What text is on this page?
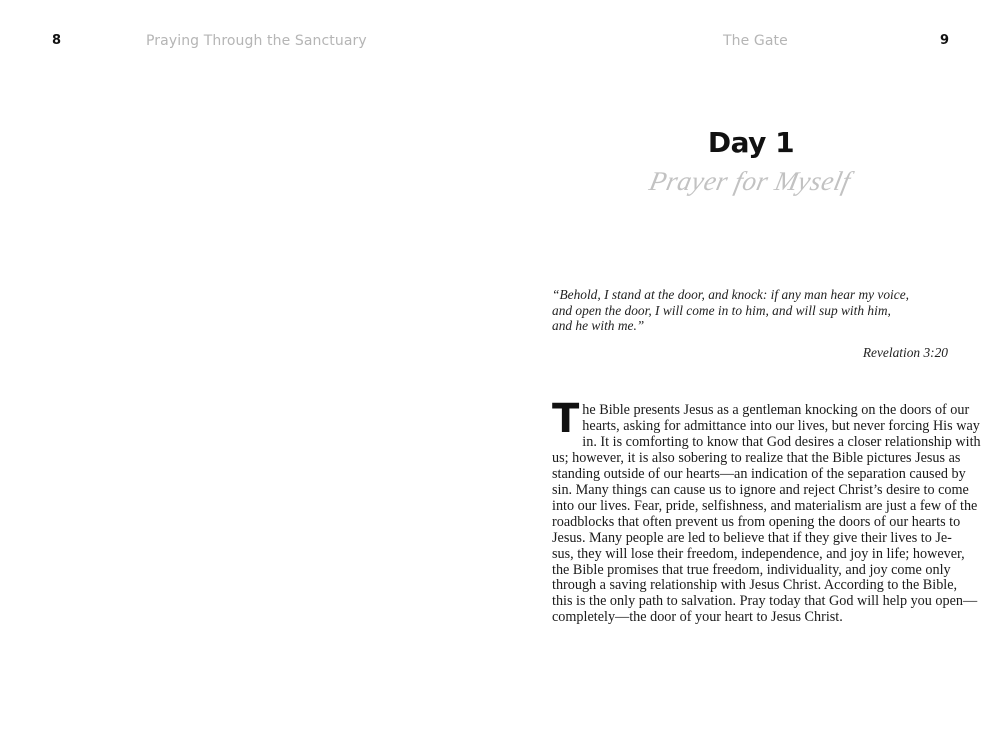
8	Praying Through the Sanctuary	The Gate	9
Day 1
Prayer for Myself
“Behold, I stand at the door, and knock: if any man hear my voice,
and open the door, I will come in to him, and will sup with him,
and he with me.”
Revelation 3:20
T he Bible presents Jesus as a gentleman knocking on the doors of our
hearts, asking for admittance into our lives, but never forcing His way
in. It is comforting to know that God desires a closer relationship with
us; however, it is also sobering to realize that the Bible pictures Jesus as
standing outside of our hearts—an indication of the separation caused by
sin. Many things can cause us to ignore and reject Christ’s desire to come
into our lives. Fear, pride, selfishness, and materialism are just a few of the
roadblocks that often prevent us from opening the doors of our hearts to
Jesus. Many people are led to believe that if they give their lives to Je-
sus, they will lose their freedom, independence, and joy in life; however,
the Bible promises that true freedom, individuality, and joy come only
through a saving relationship with Jesus Christ. According to the Bible,
this is the only path to salvation. Pray today that God will help you open—
completely—the door of your heart to Jesus Christ.
